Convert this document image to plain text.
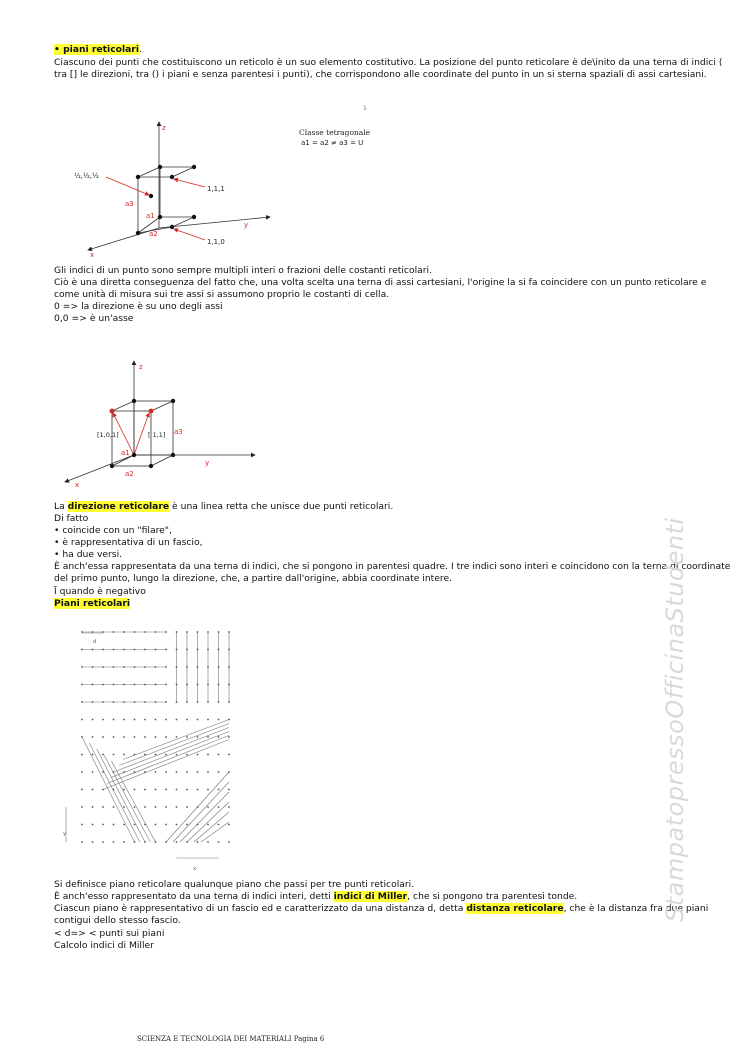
• piani reticolari.
Ciascuno dei punti che costituiscono un reticolo è un suo elemento costitutivo. La posizione del punto reticolare è de\inito da una terna di indici ( tra [] le direzioni, tra () i piani e senza parentesi i punti), che corrispondono alle coordinate del punto in un si sterna spaziali di assi cartesiani.
z
y
x
½,½,½
1,1,1
1,1,0
a3
a1
a2
1
Classe tetragonale
a1 = a2 ≠ a3 = U
Gli indici di un punto sono sempre multipli interi o frazioni delle costanti reticolari.
Ciò è una diretta conseguenza del fatto che, una volta scelta una terna di assi cartesiani, l'origine la si fa coincidere con un punto reticolare e come unità di misura sui tre assi si assumono proprio le costanti di cella.
0 => la direzione è su uno degli assi
0,0 => è un'asse
z
y
x
[1,0,1]	[ 1,1] a3
a1
a2
La direzione reticolare è una linea retta che unisce due punti reticolari.
Di fatto
• coincide con un "filare",
• è rappresentativa di un fascio,
• ha due versi.
È anch'essa rappresentata da una terna di indici, che si pongono in parentesi quadre. I tre indici sono interi e coincidono con la terna di coordinate del primo punto, lungo la direzione, che, a partire dall'origine, abbia coordinate intere.
Ī quando è negativo
Piani reticolari
d
y
x
Si definisce piano reticolare qualunque piano che passi per tre punti reticolari.
È anch'esso rappresentato da una terna di indici interi, detti indici di Miller, che si pongono tra parentesi tonde.
Ciascun piano è rappresentativo di un fascio ed e caratterizzato da una distanza d, detta distanza reticolare, che è la distanza fra due piani contigui dello stesso fascio.
< d=> < punti sui piani
Calcolo indici di Miller
StampatopressoOfficinaStudenti
SCIENZA E TECNOLOGIA DEI MATERIALI Pagina 6
